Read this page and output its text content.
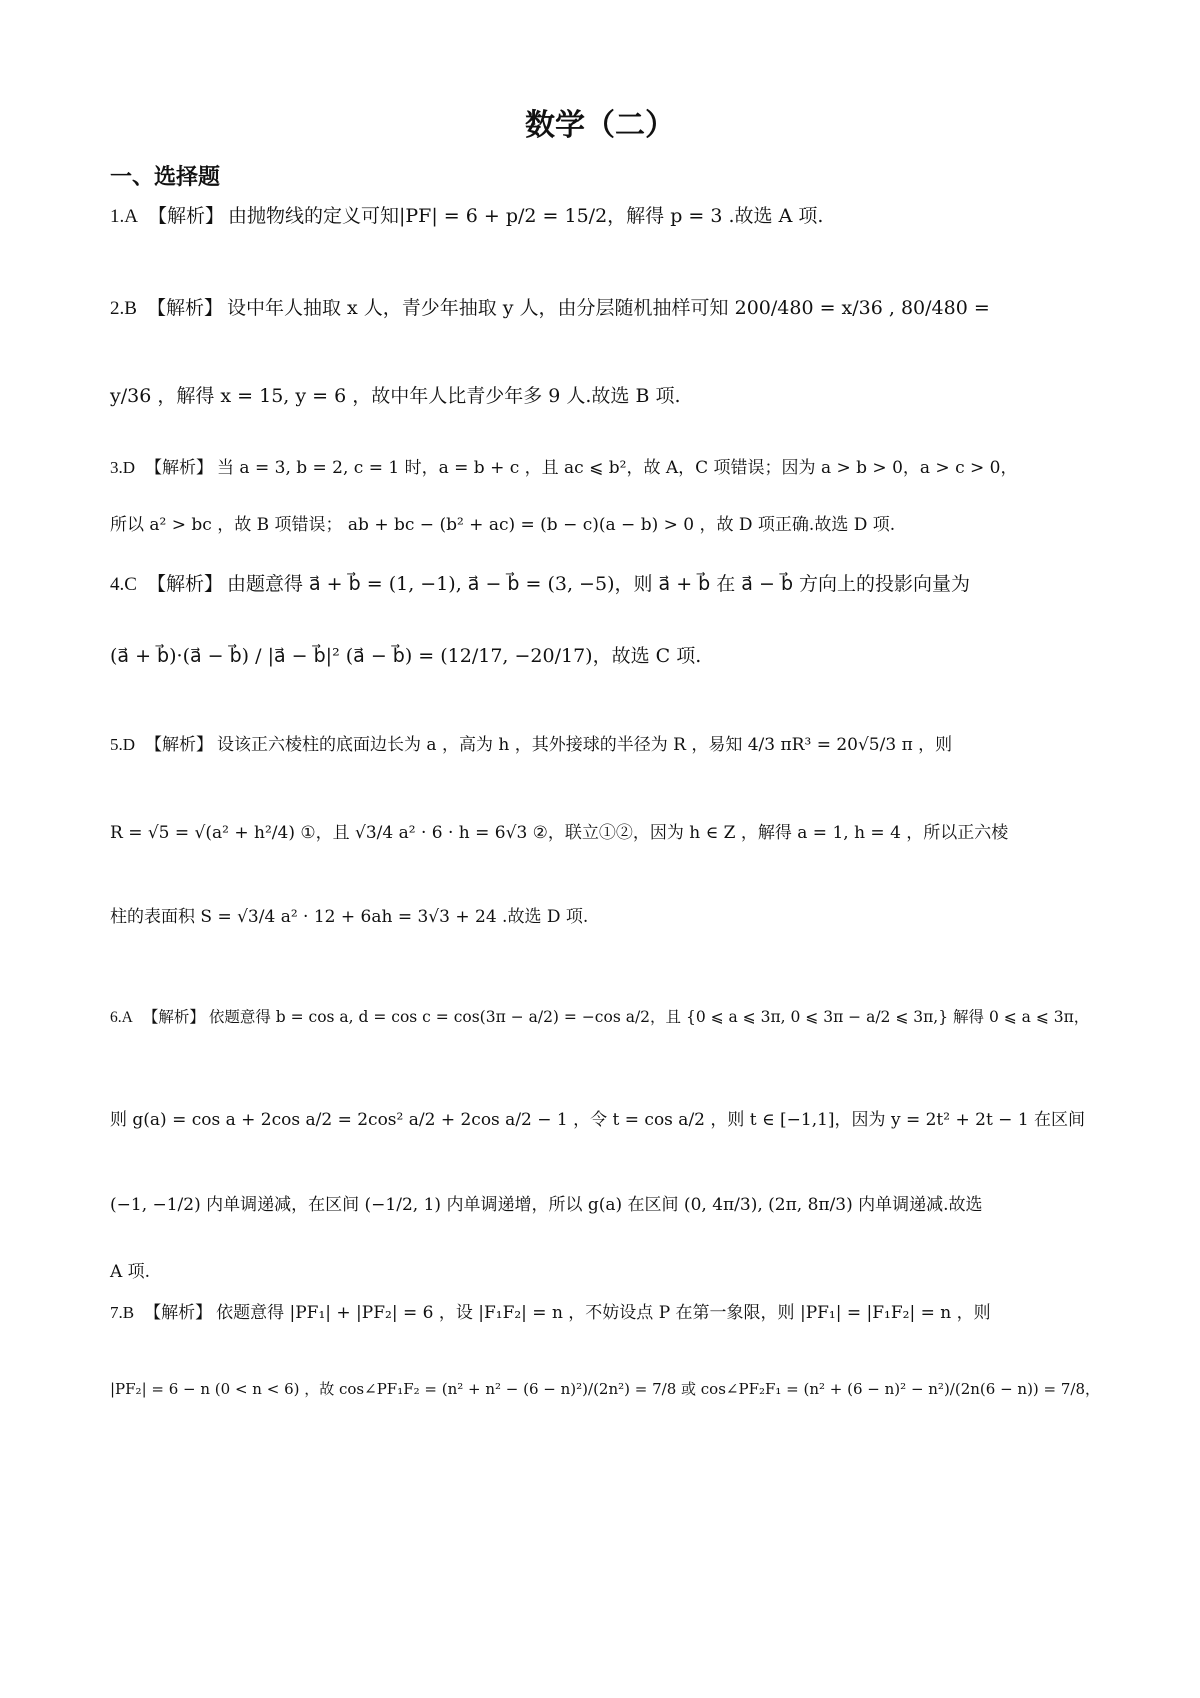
数学（二）
一、选择题
1.A 【解析】 由抛物线的定义可知|PF| = 6 + p/2 = 15/2，解得 p = 3 .故选 A 项.
2.B 【解析】 设中年人抽取 x 人，青少年抽取 y 人，由分层随机抽样可知 200/480 = x/36 , 80/480 =
y/36 ，解得 x = 15, y = 6 ，故中年人比青少年多 9 人.故选 B 项.
3.D 【解析】 当 a = 3, b = 2, c = 1 时，a = b + c ，且 ac ⩽ b²，故 A，C 项错误；因为 a > b > 0，a > c > 0，
所以 a² > bc ，故 B 项错误； ab + bc − (b² + ac) = (b − c)(a − b) > 0 ，故 D 项正确.故选 D 项.
4.C 【解析】 由题意得 a⃗ + b⃗ = (1, −1), a⃗ − b⃗ = (3, −5)，则 a⃗ + b⃗ 在 a⃗ − b⃗ 方向上的投影向量为
(a⃗ + b⃗)·(a⃗ − b⃗) / |a⃗ − b⃗|² (a⃗ − b⃗) = (12/17, −20/17)，故选 C 项.
5.D 【解析】 设该正六棱柱的底面边长为 a ，高为 h ，其外接球的半径为 R ，易知 4/3 πR³ = 20√5/3 π ，则
R = √5 = √(a² + h²/4) ①，且 √3/4 a² · 6 · h = 6√3 ②，联立①②，因为 h ∈ Z ，解得 a = 1, h = 4 ，所以正六棱
柱的表面积 S = √3/4 a² · 12 + 6ah = 3√3 + 24 .故选 D 项.
6.A 【解析】 依题意得 b = cos a, d = cos c = cos(3π − a/2) = −cos a/2，且 {0 ⩽ a ⩽ 3π, 0 ⩽ 3π − a/2 ⩽ 3π,} 解得 0 ⩽ a ⩽ 3π，
则 g(a) = cos a + 2cos a/2 = 2cos² a/2 + 2cos a/2 − 1 ，令 t = cos a/2 ，则 t ∈ [−1,1]，因为 y = 2t² + 2t − 1 在区间
(−1, −1/2) 内单调递减，在区间 (−1/2, 1) 内单调递增，所以 g(a) 在区间 (0, 4π/3), (2π, 8π/3) 内单调递减.故选
A 项.
7.B 【解析】 依题意得 |PF₁| + |PF₂| = 6 ，设 |F₁F₂| = n ，不妨设点 P 在第一象限，则 |PF₁| = |F₁F₂| = n ，则
|PF₂| = 6 − n (0 < n < 6) ，故 cos∠PF₁F₂ = (n² + n² − (6 − n)²)/(2n²) = 7/8 或 cos∠PF₂F₁ = (n² + (6 − n)² − n²)/(2n(6 − n)) = 7/8，
